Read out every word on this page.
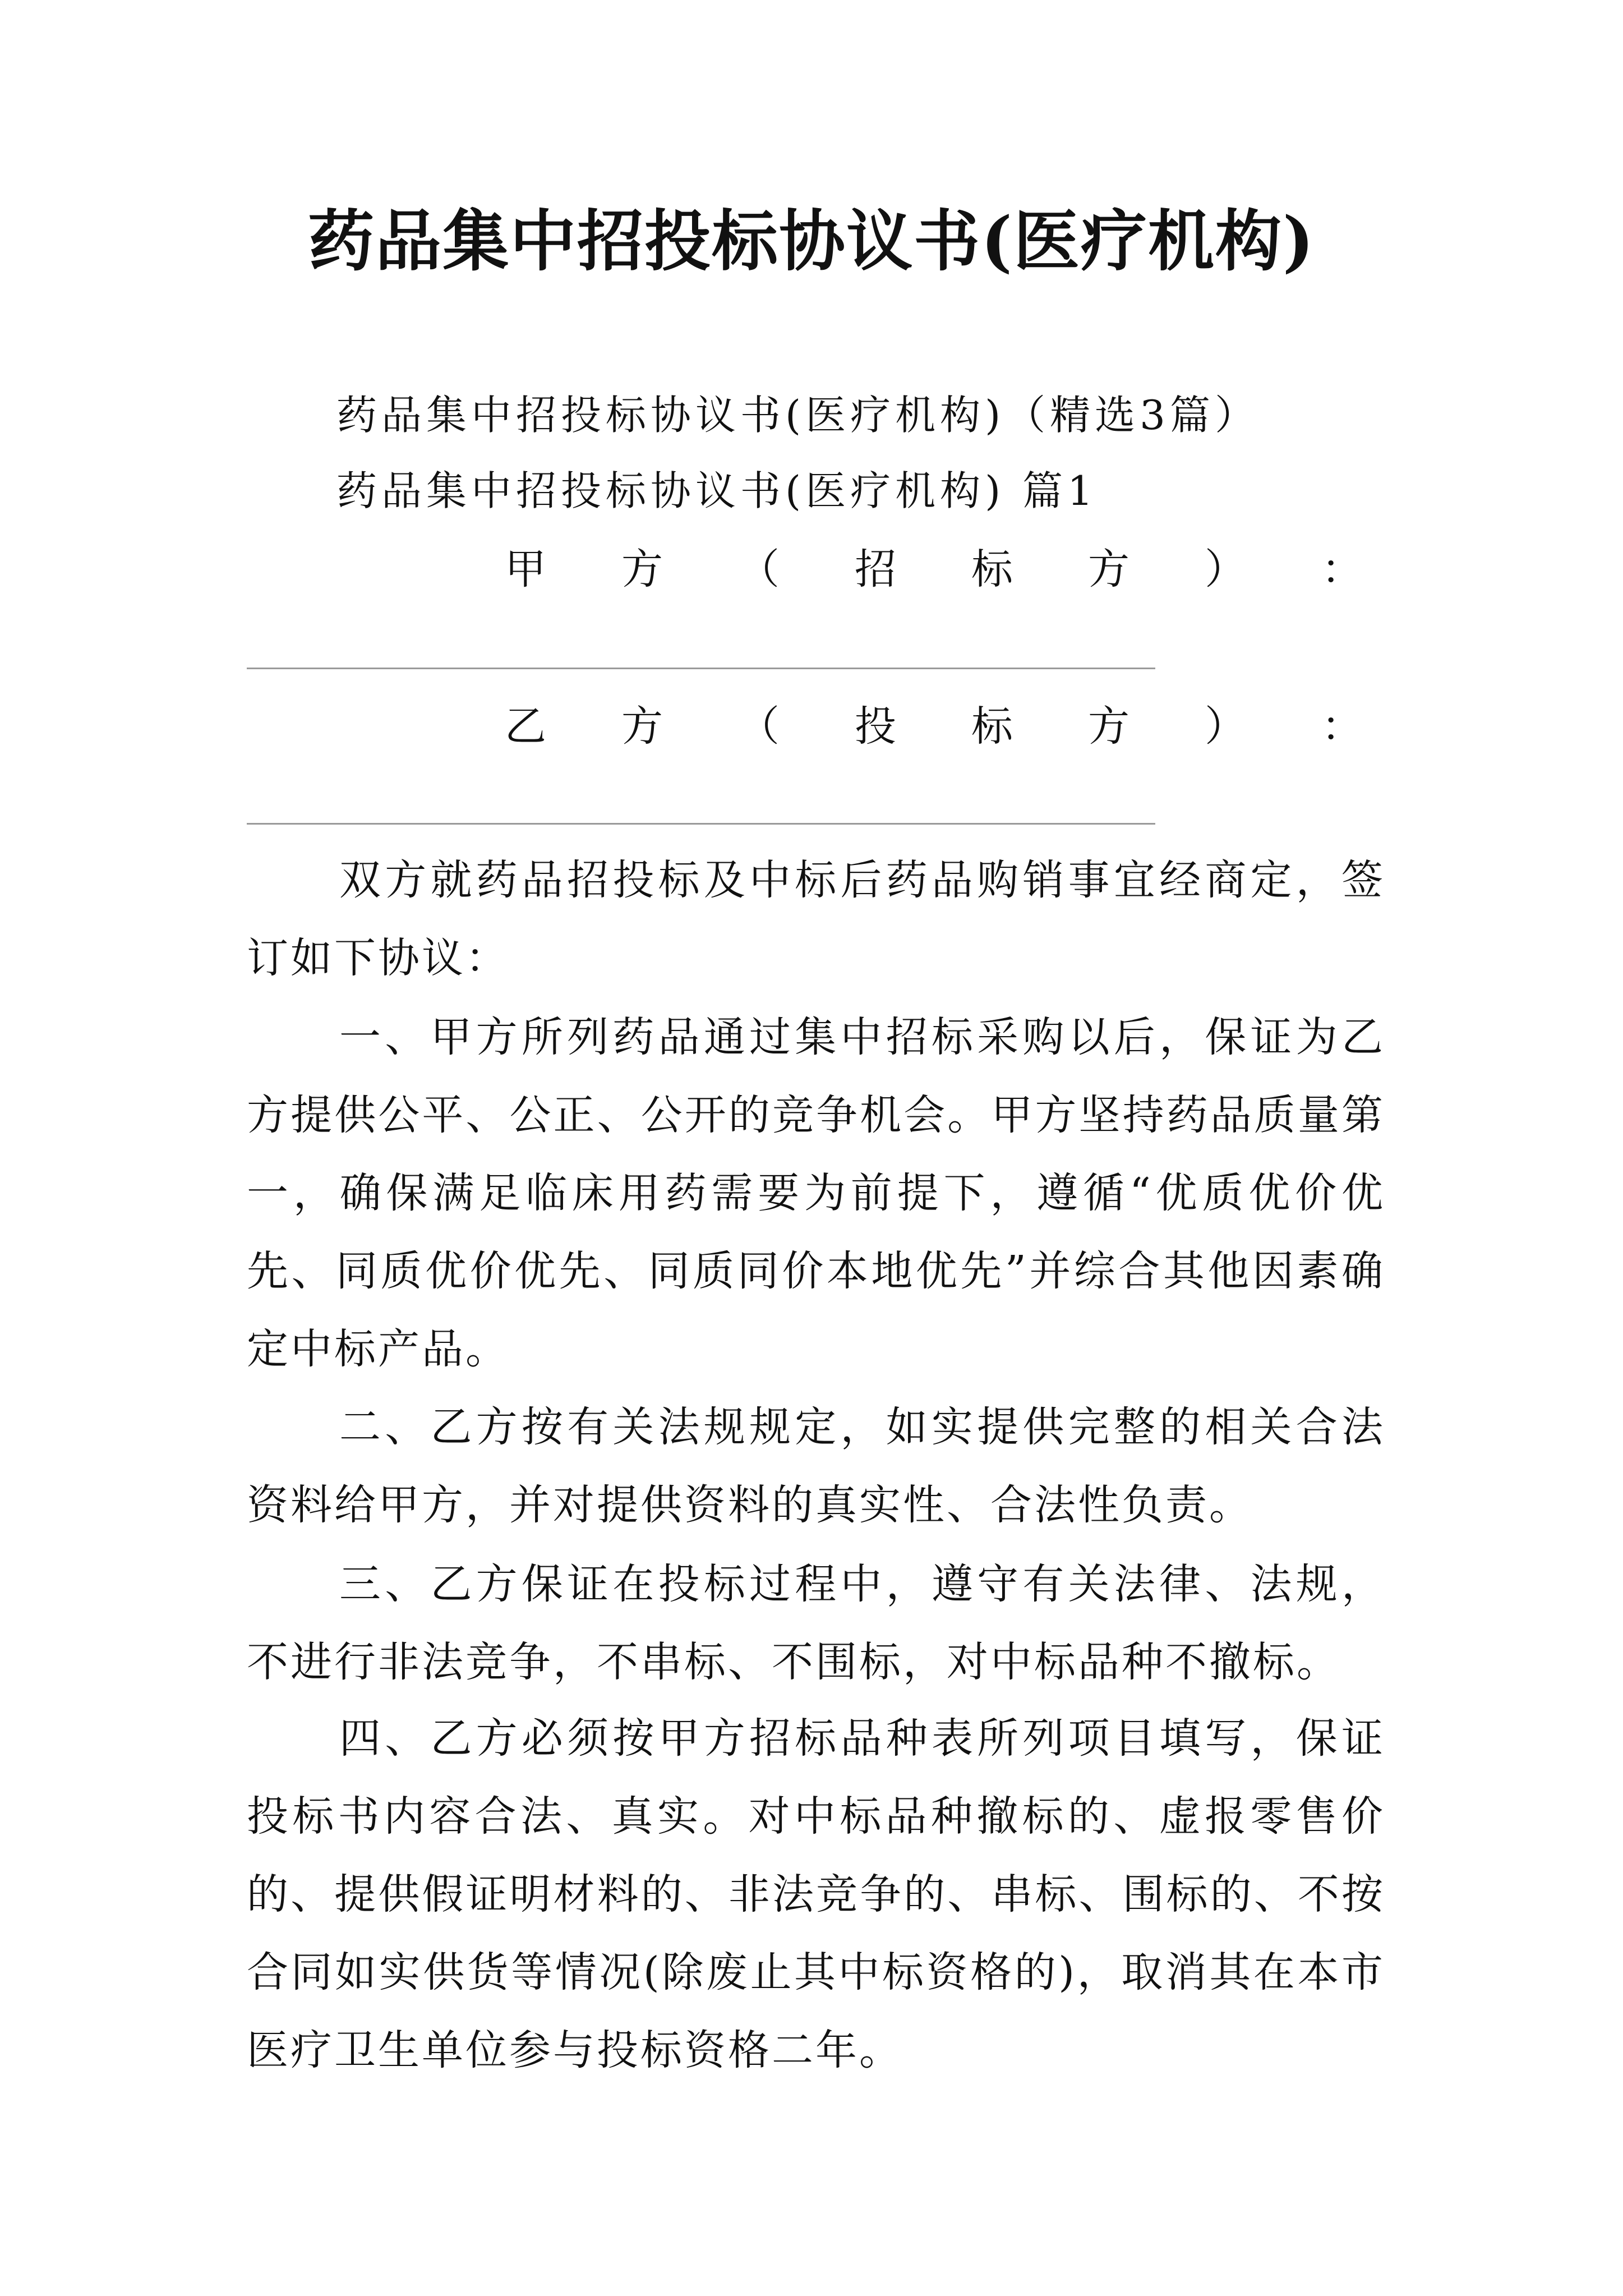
药品集中招投标协议书(医疗机构)
药品集中招投标协议书(医疗机构)（精选3篇）
药品集中招投标协议书(医疗机构) 篇1
甲 方 （ 招 标 方 ） ：
乙 方 （ 投 标 方 ） ：
双方就药品招投标及中标后药品购销事宜经商定，签订如下协议：
一、甲方所列药品通过集中招标采购以后，保证为乙方提供公平、公正、公开的竞争机会。甲方坚持药品质量第一，确保满足临床用药需要为前提下，遵循“优质优价优先、同质优价优先、同质同价本地优先”并综合其他因素确定中标产品。
二、乙方按有关法规规定，如实提供完整的相关合法资料给甲方，并对提供资料的真实性、合法性负责。
三、乙方保证在投标过程中，遵守有关法律、法规，不进行非法竞争，不串标、不围标，对中标品种不撤标。
四、乙方必须按甲方招标品种表所列项目填写，保证投标书内容合法、真实。对中标品种撤标的、虚报零售价的、提供假证明材料的、非法竞争的、串标、围标的、不按合同如实供货等情况(除废止其中标资格的)，取消其在本市医疗卫生单位参与投标资格二年。
